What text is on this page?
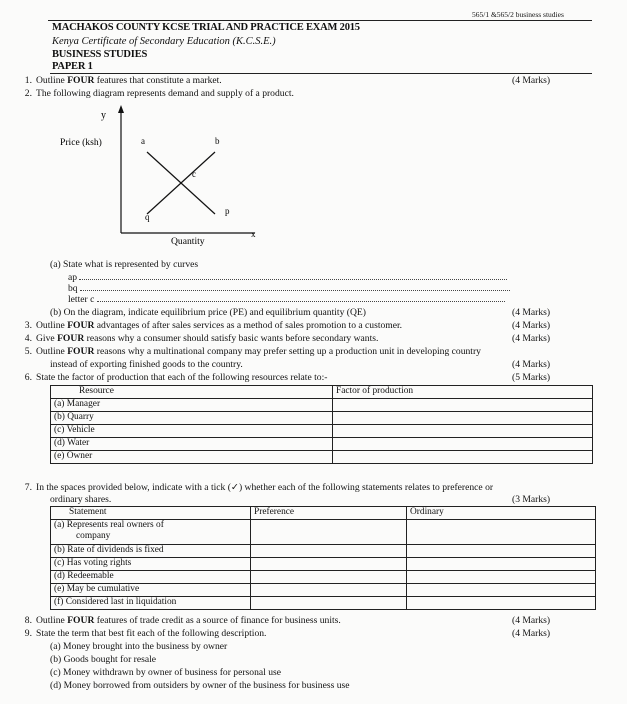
565/1 &565/2 business studies
MACHAKOS COUNTY KCSE TRIAL AND PRACTICE EXAM 2015
Kenya Certificate of Secondary Education (K.C.S.E.)
BUSINESS STUDIES
PAPER 1
1. Outline FOUR features that constitute a market.	(4 Marks)
2. The following diagram represents demand and supply of a product.
y
Price (ksh)	a	b
c
p
q
x
Quantity
(a) State what is represented by curves
ap
bq
letter c
(b) On the diagram, indicate equilibrium price (PE) and equilibrium quantity (QE)	(4 Marks)
3. Outline FOUR advantages of after sales services as a method of sales promotion to a customer.	(4 Marks)
4. Give FOUR reasons why a consumer should satisfy basic wants before secondary wants.	(4 Marks)
5. Outline FOUR reasons why a multinational company may prefer setting up a production unit in developing country
instead of exporting finished goods to the country.	(4 Marks)
6. State the factor of production that each of the following resources relate to:-	(5 Marks)
Resource	Factor of production
(a) Manager	
(b) Quarry	
(c) Vehicle	
(d) Water	
(e) Owner	
7. In the spaces provided below, indicate with a tick (✓) whether each of the following statements relates to preference or
ordinary shares.	(3 Marks)
Statement	Preference	Ordinary

(a) Represents real owners of
company		

(b) Rate of dividends is fixed		
(c) Has voting rights		
(d) Redeemable		
(e) May be cumulative		
(f) Considered last in liquidation		
8. Outline FOUR features of trade credit as a source of finance for business units.	(4 Marks)
9. State the term that best fit each of the following description.	(4 Marks)
(a) Money brought into the business by owner
(b) Goods bought for resale
(c) Money withdrawn by owner of business for personal use
(d) Money borrowed from outsiders by owner of the business for business use
